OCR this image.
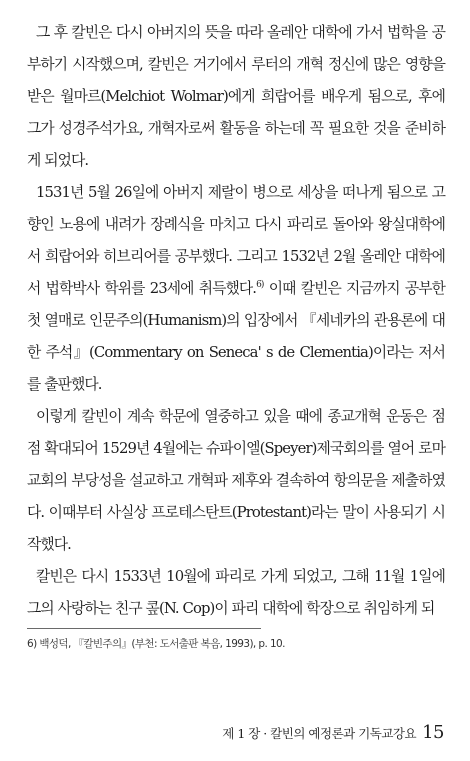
그 후 칼빈은 다시 아버지의 뜻을 따라 올레안 대학에 가서 법학을 공부하기 시작했으며, 칼빈은 거기에서 루터의 개혁 정신에 많은 영향을 받은 월마르(Melchiot Wolmar)에게 희랍어를 배우게 됨으로, 후에 그가 성경주석가요, 개혁자로써 활동을 하는데 꼭 필요한 것을 준비하게 되었다.

1531년 5월 26일에 아버지 제랄이 병으로 세상을 떠나게 됨으로 고향인 노용에 내려가 장례식을 마치고 다시 파리로 돌아와 왕실대학에서 희랍어와 히브리어를 공부했다. 그리고 1532년 2월 올레안 대학에서 법학박사 학위를 23세에 취득했다.$^{6)}$ 이때 칼빈은 지금까지 공부한 첫 열매로 인문주의(Humanism)의 입장에서 『세네카의 관용론에 대한 주석』(Commentary on Seneca' s de Clementia)이라는 저서를 출판했다.

이렇게 칼빈이 계속 학문에 열중하고 있을 때에 종교개혁 운동은 점점 확대되어 1529년 4월에는 슈파이엘(Speyer)제국회의를 열어 로마교회의 부당성을 설교하고 개혁파 제후와 결속하여 항의문을 제출하였다. 이때부터 사실상 프로테스탄트(Protestant)라는 말이 사용되기 시작했다.

칼빈은 다시 1533년 10월에 파리로 가게 되었고, 그해 11월 1일에 그의 사랑하는 친구 콮(N. Cop)이 파리 대학에 학장으로 취임하게 되

6) 백성덕, 『칼빈주의』(부천: 도서출판 복음, 1993), p. 10.
제 1 장 · 칼빈의 예정론과 기독교강요 15
